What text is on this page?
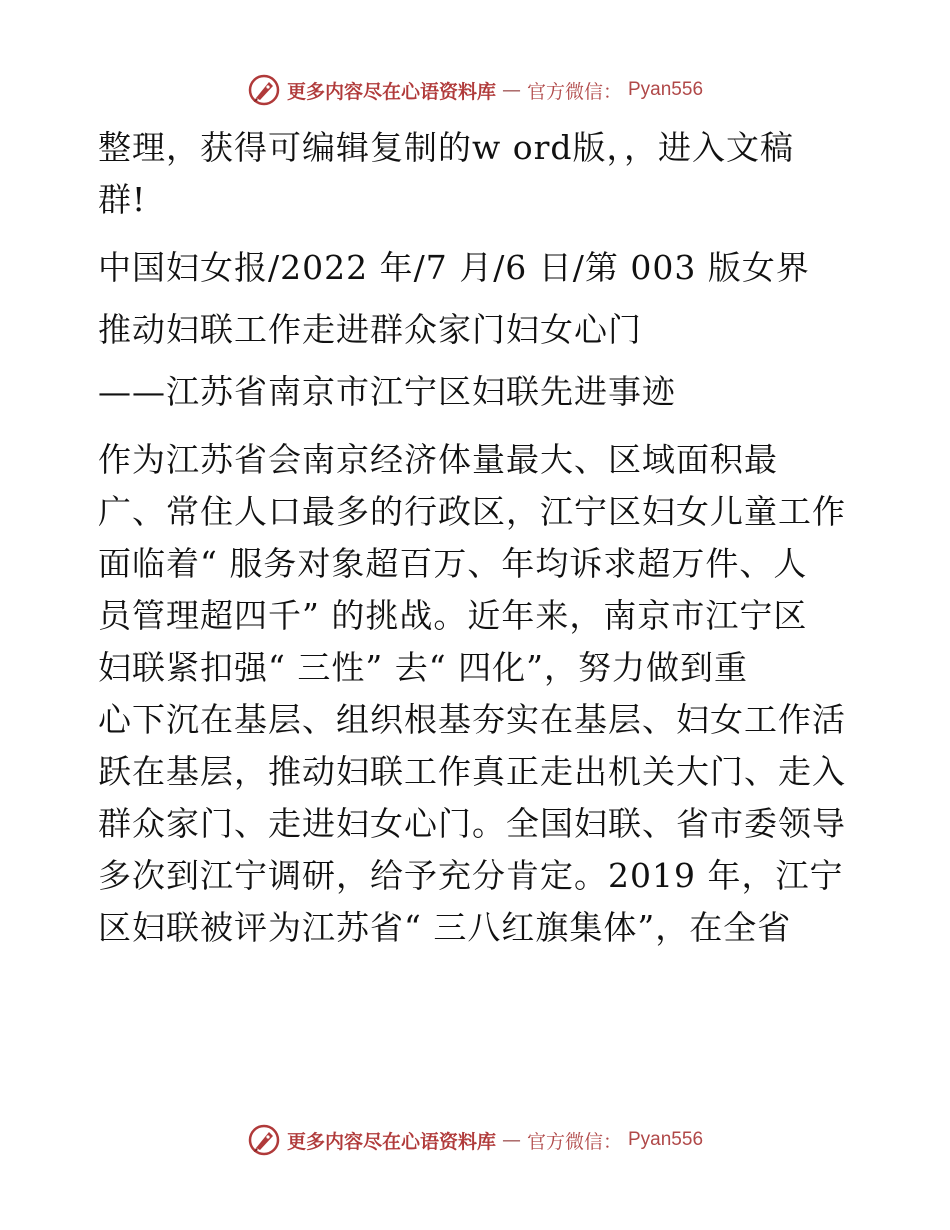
更多内容尽在心语资料库 — 官方微信： Pyan556
整理，获得可编辑复制的w ord版，，进入文稿
群!
中国妇女报/2022 年/7 月/6 日/第 003 版女界
推动妇联工作走进群众家门妇女心门
——江苏省南京市江宁区妇联先进事迹
作为江苏省会南京经济体量最大、区域面积最
广、常住人口最多的行政区，江宁区妇女儿童工作
面临着“ 服务对象超百万、年均诉求超万件、人
员管理超四千” 的挑战。近年来，南京市江宁区
妇联紧扣强“ 三性” 去“ 四化”，努力做到重
心下沉在基层、组织根基夯实在基层、妇女工作活
跃在基层，推动妇联工作真正走出机关大门、走入
群众家门、走进妇女心门。全国妇联、省市委领导
多次到江宁调研，给予充分肯定。2019 年，江宁
区妇联被评为江苏省“ 三八红旗集体”，在全省
更多内容尽在心语资料库 — 官方微信： Pyan556
